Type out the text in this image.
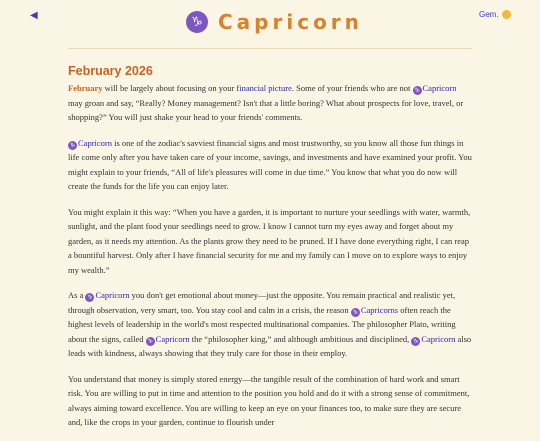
◀	♑ Capricorn	Gem.
February 2026

February will be largely about focusing on your financial picture. Some of your friends who are not ♑ Capricorn may groan and say, “Really? Money management? Isn't that a little boring? What about prospects for love, travel, or shopping?” You will just shake your head to your friends' comments.

♑ Capricorn is one of the zodiac's savviest financial signs and most trustworthy, so you know all those fun things in life come only after you have taken care of your income, savings, and investments and have examined your profit. You might explain to your friends, “All of life's pleasures will come in due time.” You know that what you do now will create the funds for the life you can enjoy later.

You might explain it this way: “When you have a garden, it is important to nurture your seedlings with water, warmth, sunlight, and the plant food your seedlings need to grow. I know I cannot turn my eyes away and forget about my garden, as it needs my attention. As the plants grow they need to be pruned. If I have done everything right, I can reap a bountiful harvest. Only after I have financial security for me and my family can I move on to explore ways to enjoy my wealth.”

As a ♑ Capricorn you don't get emotional about money—just the opposite. You remain practical and realistic yet, through observation, very smart, too. You stay cool and calm in a crisis, the reason ♑ Capricorns often reach the highest levels of leadership in the world's most respected multinational companies. The philosopher Plato, writing about the signs, called ♑ Capricorn the “philosopher king,” and although ambitious and disciplined, ♑ Capricorn also leads with kindness, always showing that they truly care for those in their employ.

You understand that money is simply stored energy—the tangible result of the combination of hard work and smart risk. You are willing to put in time and attention to the position you hold and do it with a strong sense of commitment, always aiming toward excellence. You are willing to keep an eye on your finances too, to make sure they are secure and, like the crops in your garden, continue to flourish under
